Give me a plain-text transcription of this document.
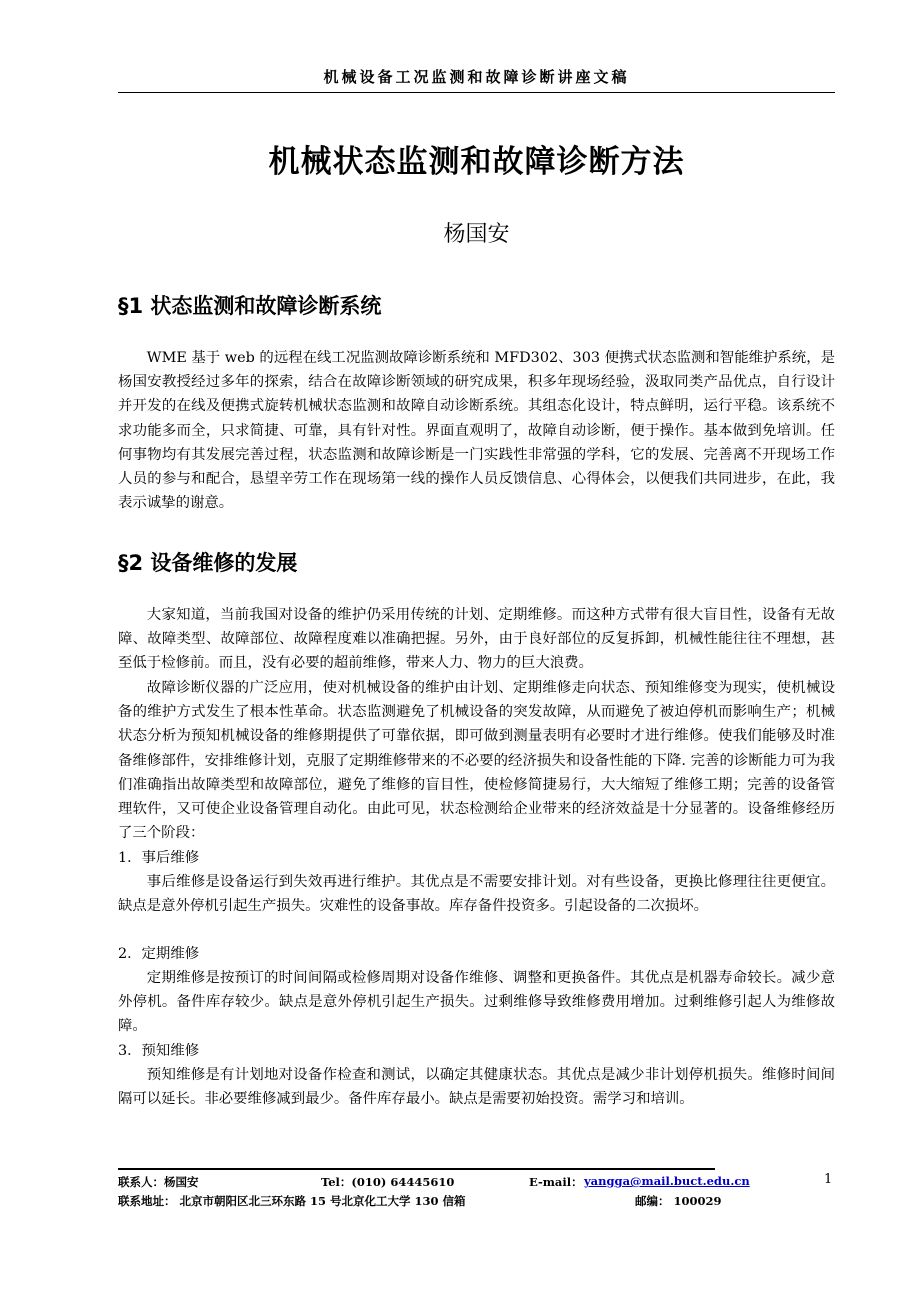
机械设备工况监测和故障诊断讲座文稿
机械状态监测和故障诊断方法
杨国安
§1 状态监测和故障诊断系统

WME 基于 web 的远程在线工况监测故障诊断系统和 MFD302、303 便携式状态监测和智能维护系统，是杨国安教授经过多年的探索，结合在故障诊断领域的研究成果，积多年现场经验，汲取同类产品优点，自行设计并开发的在线及便携式旋转机械状态监测和故障自动诊断系统。其组态化设计，特点鲜明，运行平稳。该系统不求功能多而全，只求简捷、可靠，具有针对性。界面直观明了，故障自动诊断，便于操作。基本做到免培训。任何事物均有其发展完善过程，状态监测和故障诊断是一门实践性非常强的学科，它的发展、完善离不开现场工作人员的参与和配合，恳望辛劳工作在现场第一线的操作人员反馈信息、心得体会，以便我们共同进步，在此，我表示诚挚的谢意。

§2 设备维修的发展

大家知道，当前我国对设备的维护仍采用传统的计划、定期维修。而这种方式带有很大盲目性，设备有无故障、故障类型、故障部位、故障程度难以准确把握。另外，由于良好部位的反复拆卸，机械性能往往不理想，甚至低于检修前。而且，没有必要的超前维修，带来人力、物力的巨大浪费。

故障诊断仪器的广泛应用，使对机械设备的维护由计划、定期维修走向状态、预知维修变为现实，使机械设备的维护方式发生了根本性革命。状态监测避免了机械设备的突发故障，从而避免了被迫停机而影响生产；机械状态分析为预知机械设备的维修期提供了可靠依据，即可做到测量表明有必要时才进行维修。使我们能够及时准备维修部件，安排维修计划，克服了定期维修带来的不必要的经济损失和设备性能的下降. 完善的诊断能力可为我们准确指出故障类型和故障部位，避免了维修的盲目性，使检修简捷易行，大大缩短了维修工期；完善的设备管理软件，又可使企业设备管理自动化。由此可见，状态检测给企业带来的经济效益是十分显著的。设备维修经历了三个阶段：

1．事后维修

事后维修是设备运行到失效再进行维护。其优点是不需要安排计划。对有些设备，更换比修理往往更便宜。缺点是意外停机引起生产损失。灾难性的设备事故。库存备件投资多。引起设备的二次损坏。

2．定期维修

定期维修是按预订的时间间隔或检修周期对设备作维修、调整和更换备件。其优点是机器寿命较长。减少意外停机。备件库存较少。缺点是意外停机引起生产损失。过剩维修导致维修费用增加。过剩维修引起人为维修故障。

3．预知维修

预知维修是有计划地对设备作检查和测试，以确定其健康状态。其优点是减少非计划停机损失。维修时间间隔可以延长。非必要维修减到最少。备件库存最小。缺点是需要初始投资。需学习和培训。

联系人：杨国安	Tel：(010) 64445610	E-mail： yangga@mail.buct.edu.cn
联系地址： 北京市朝阳区北三环东路 15 号北京化工大学 130 信箱	邮编： 100029
1
